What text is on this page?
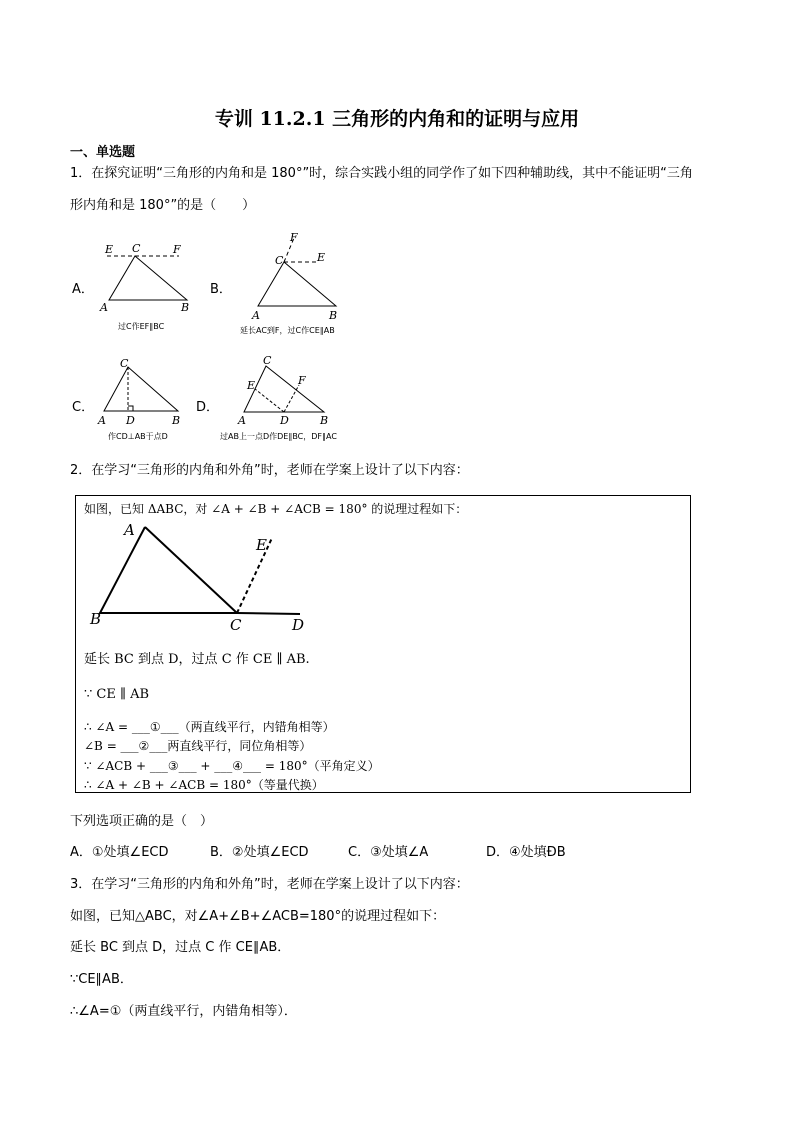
专训 11.2.1 三角形的内角和的证明与应用
一、单选题
1．在探究证明“三角形的内角和是 180°”时，综合实践小组的同学作了如下四种辅助线，其中不能证明“三角
形内角和是 180°”的是（　　）
A．
E C	F
A	B
过C作EF∥BC
B．
F
C	E
A	B
延长AC到F，过C作CE∥AB
C．
C
A D	B
作CD⊥AB于点D
D．
C
E	F
A	D	B
过AB上一点D作DE∥BC，DF∥AC
2．在学习“三角形的内角和外角”时，老师在学案上设计了以下内容：
如图，已知 ΔABC，对 ∠A + ∠B + ∠ACB = 180° 的说理过程如下：
A
E
B	C	D
延长 BC 到点 D，过点 C 作 CE ∥ AB.
∵ CE ∥ AB
∴ ∠A = ___①___（两直线平行，内错角相等）
∠B = ___②___两直线平行，同位角相等）
∵ ∠ACB + ___③___ + ___④___ = 180°（平角定义）
∴ ∠A + ∠B + ∠ACB = 180°（等量代换）
下列选项正确的是（　）
A．①处填∠ECD	B．②处填∠ECD	C．③处填∠A	D．④处填ÐB
3．在学习“三角形的内角和外角”时，老师在学案上设计了以下内容：
如图，已知△ABC，对∠A+∠B+∠ACB=180°的说理过程如下：
延长 BC 到点 D，过点 C 作 CE∥AB．
∵CE∥AB．
∴∠A=①（两直线平行，内错角相等）．
